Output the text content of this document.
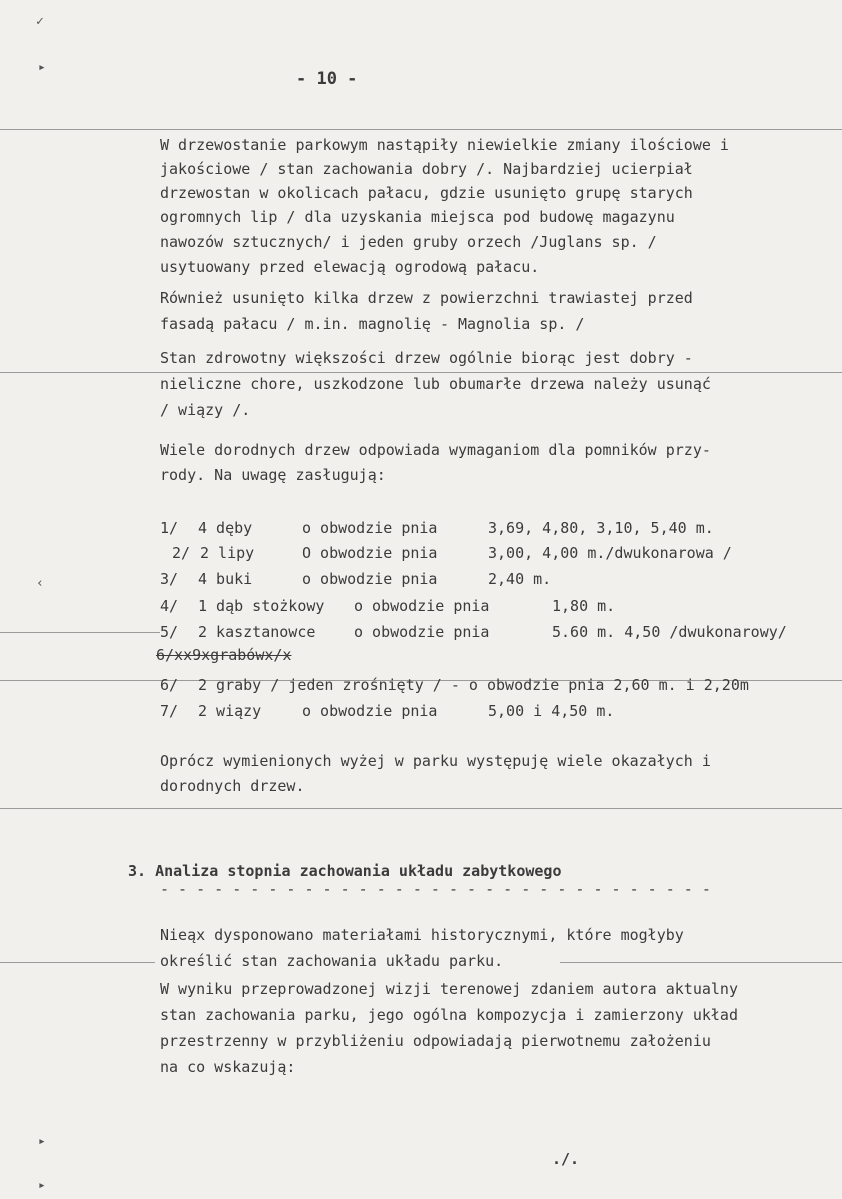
✓
▸
‹
▸
▸
- 10 -
W drzewostanie parkowym nastąpiły niewielkie zmiany ilościowe i
jakościowe / stan zachowania dobry /. Najbardziej ucierpiał
drzewostan w okolicach pałacu, gdzie usunięto grupę starych
ogromnych lip / dla uzyskania miejsca pod budowę magazynu
nawozów sztucznych/ i jeden gruby orzech /Juglans sp. /
usytuowany przed elewacją ogrodową pałacu.
Również usunięto kilka drzew z powierzchni trawiastej przed
fasadą pałacu / m.in. magnolię - Magnolia sp. /
Stan zdrowotny większości drzew ogólnie biorąc jest dobry -
nieliczne chore, uszkodzone lub obumarłe drzewa należy usunąć
/ wiązy /.
Wiele dorodnych drzew odpowiada wymaganiom dla pomników przy-
rody. Na uwagę zasługują:
1/ 4 dęby	o obwodzie pnia	3,69, 4,80, 3,10, 5,40 m.
2/ 2 lipy	O obwodzie pnia	3,00, 4,00 m./dwukonarowa /
3/ 4 buki	o obwodzie pnia	2,40 m.
4/ 1 dąb stożkowy o obwodzie pnia	1,80 m.
5/ 2 kasztanowce	o obwodzie pnia	5.60 m. 4,50 /dwukonarowy/
6/xx9xgrabówx/x
6/ 2 graby / jeden zrośnięty / - o obwodzie pnia 2,60 m. i 2,20m
7/ 2 wiązy	o obwodzie pnia	5,00 i 4,50 m.
Oprócz wymienionych wyżej w parku występuję wiele okazałych i
dorodnych drzew.
3. Analiza stopnia zachowania układu zabytkowego
- - - - - - - - - - - - - - - - - - - - - - - - - - - - - - -
Nieąx dysponowano materiałami historycznymi, które mogłyby
określić stan zachowania układu parku.
W wyniku przeprowadzonej wizji terenowej zdaniem autora aktualny
stan zachowania parku, jego ogólna kompozycja i zamierzony układ
przestrzenny w przybliżeniu odpowiadają pierwotnemu założeniu
na co wskazują:
./.
